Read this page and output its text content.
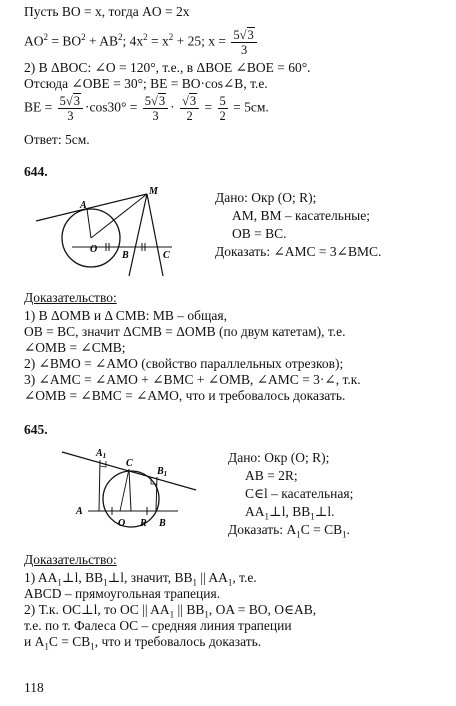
Пусть BO = x, тогда AO = 2x
$AO^2 = BO^2 + AB^2$; $4x^2 = x^2 + 25$; $x = \frac{5√3}{3}$
2) В ΔBOC: ∠O = 120°, т.е., в ΔBOE ∠BOE = 60°.
Отсюда ∠OBE = 30°; BE = BO·cos∠B, т.е.
BE = $\frac{5√3}{3} \cdot\cos 30^\circ = \frac{5√3}{3} \cdot \frac{√3}{2} = \frac{5}{2} = 5см$.
Ответ: 5см.
644.
M
A
O
B	C
Дано: Окр (O; R);
AM, BM – касательные;
OB = BC.
Доказать: ∠AMC = 3∠BMC.
Доказательство:
1) В ΔOMB и Δ CMB: MB – общая,
OB = BC, значит ΔCMB = ΔOMB (по двум катетам), т.е.
∠OMB = ∠CMB;
2) ∠BMO = ∠AMO (свойство параллельных отрезков);
3) ∠AMC = ∠AMO + ∠BMC + ∠OMB, ∠AMC = 3·∠, т.к.
∠OMB = ∠BMC = ∠AMO, что и требовалось доказать.
645.
$A_1$
$B_1$
C
A
O R B
Дано: Окр (O; R);
AB = 2R;
C∈l – касательная;
$AA_1\perp l$, $BB_1\perp l$.
Доказать: $A_1C = CB_1$.
Доказательство:
1) $AA_1\perp l$, $BB_1\perp l$, значит, $BB_1$ || $AA_1$, т.е.
ABCD – прямоугольная трапеция.
2) Т.к. OC⊥l, то OC || $AA_1$ || $BB_1$, OA = BO, O∈AB,
т.е. по т. Фалеса OC – средняя линия трапеции
и $A_1C = CB_1$, что и требовалось доказать.
118
